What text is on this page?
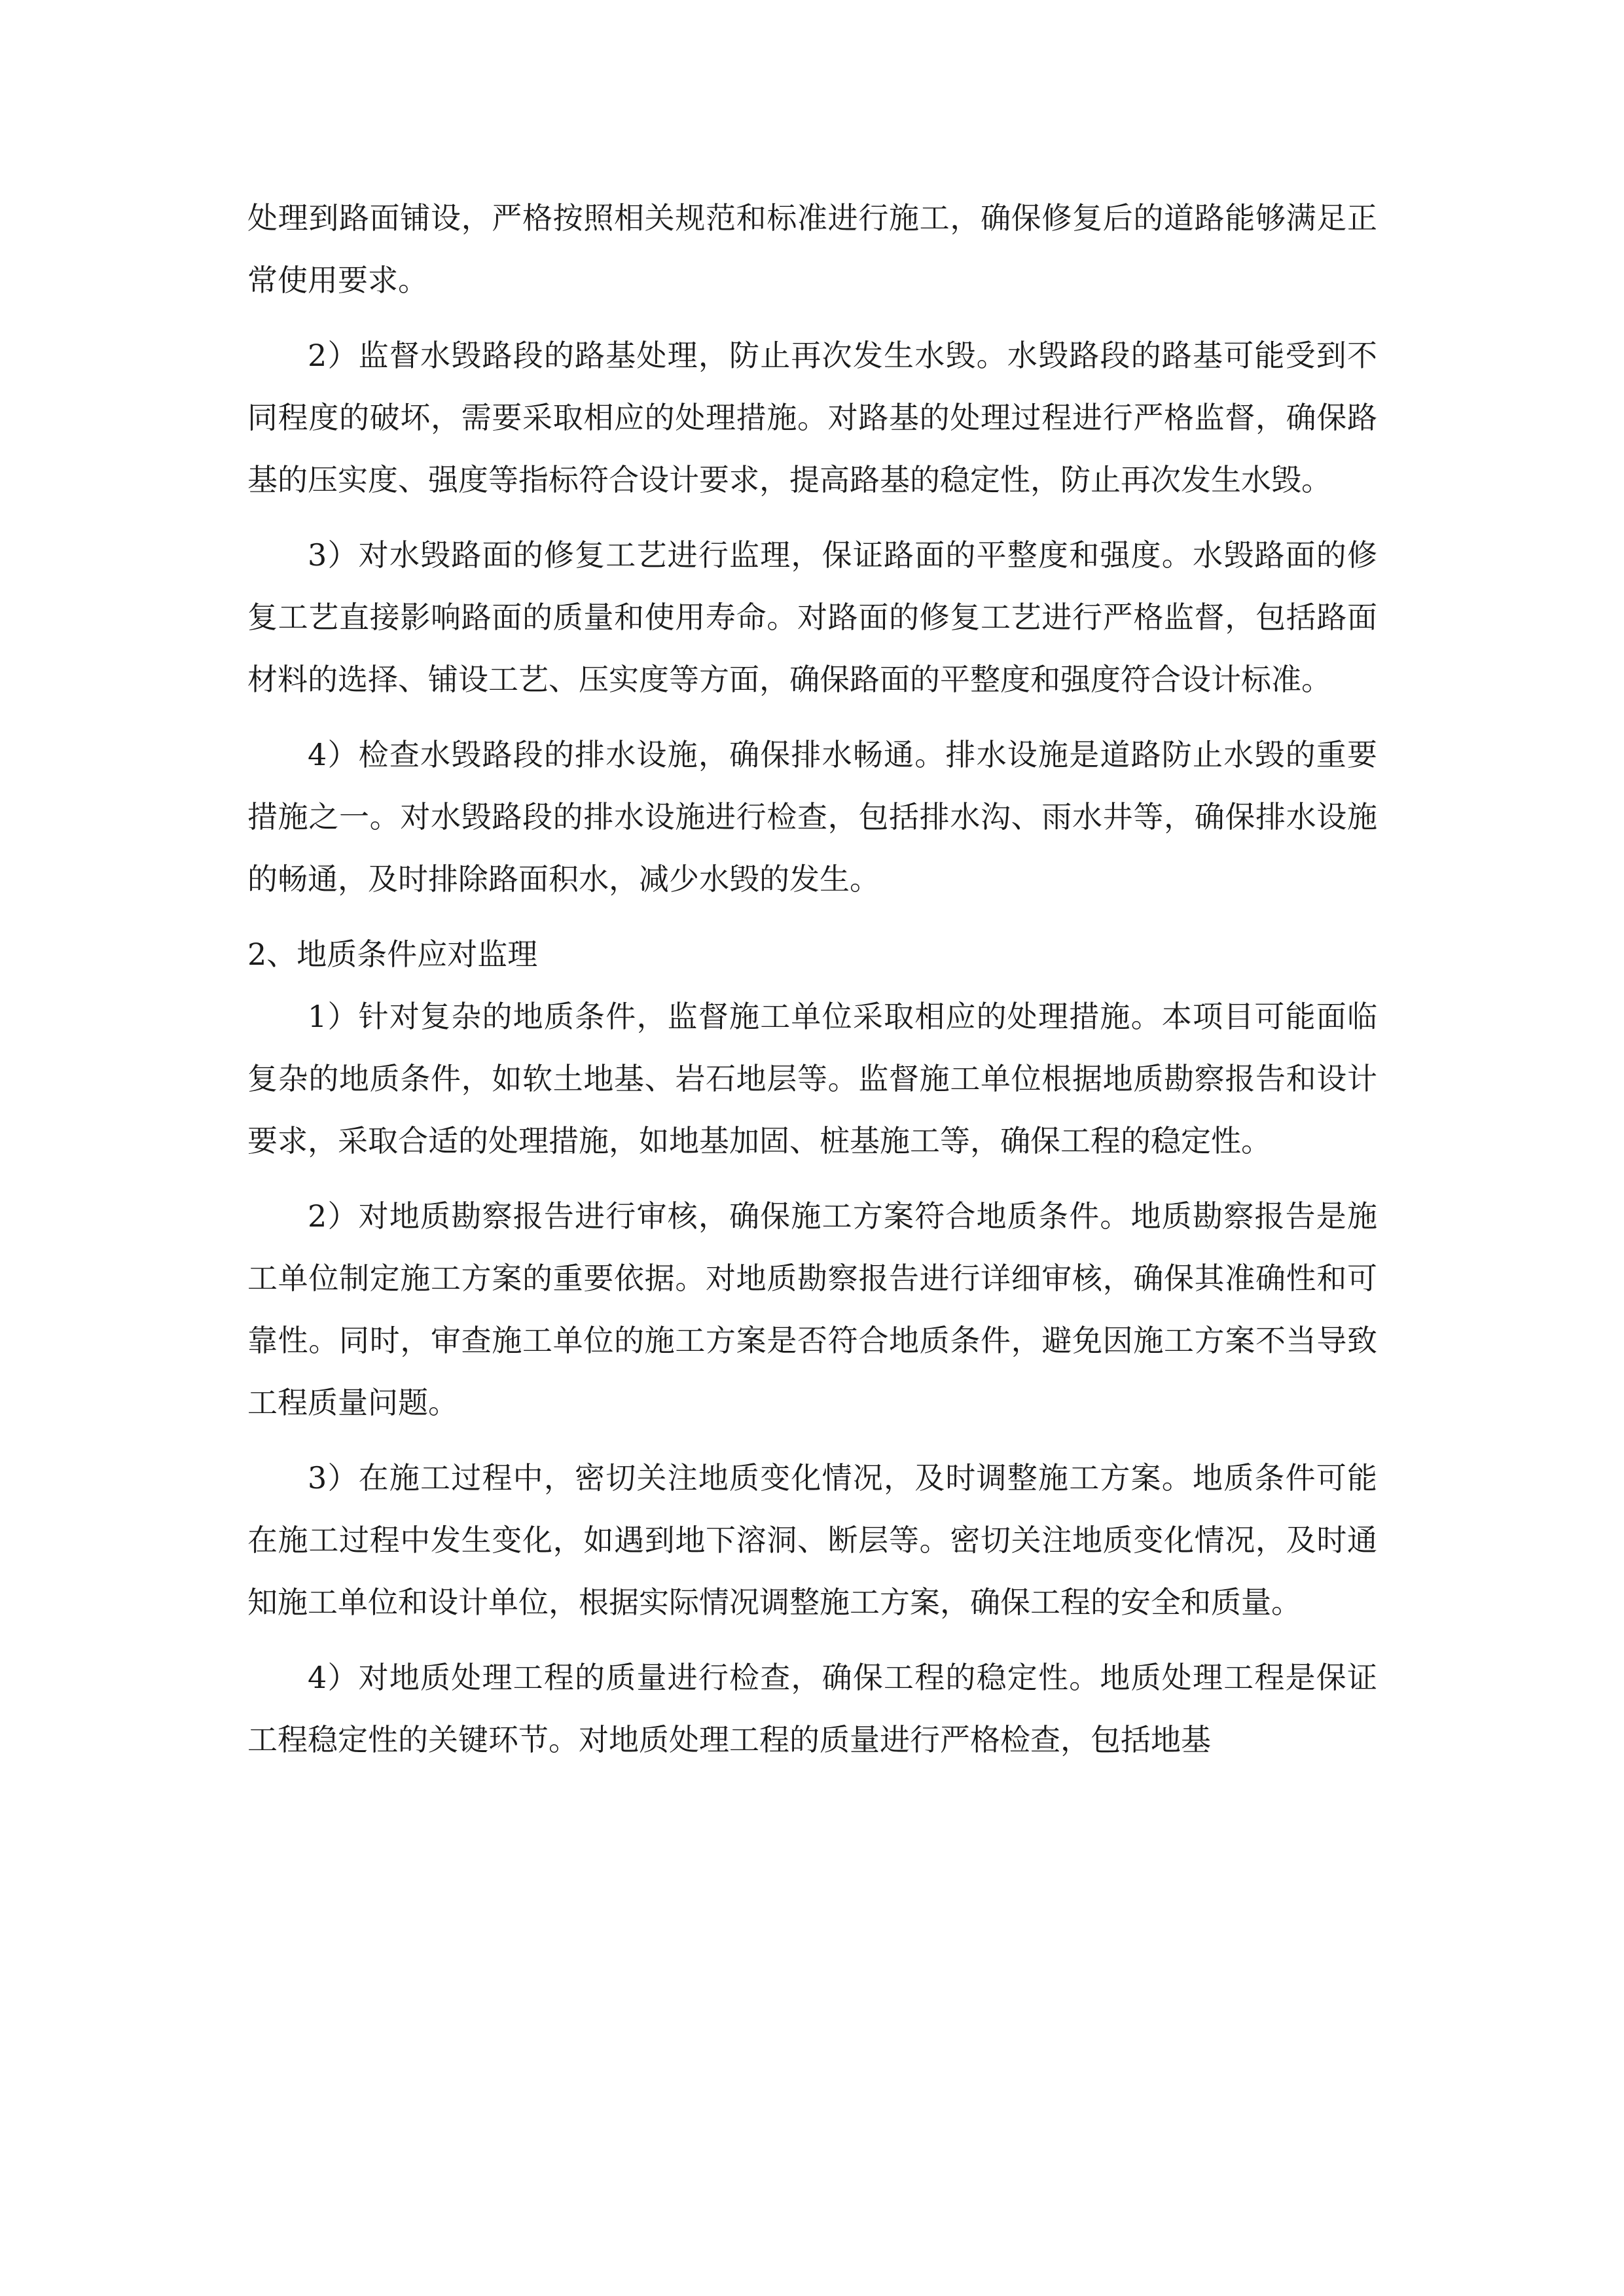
处理到路面铺设，严格按照相关规范和标准进行施工，确保修复后的道路能够满足正常使用要求。

2）监督水毁路段的路基处理，防止再次发生水毁。水毁路段的路基可能受到不同程度的破坏，需要采取相应的处理措施。对路基的处理过程进行严格监督，确保路基的压实度、强度等指标符合设计要求，提高路基的稳定性，防止再次发生水毁。

3）对水毁路面的修复工艺进行监理，保证路面的平整度和强度。水毁路面的修复工艺直接影响路面的质量和使用寿命。对路面的修复工艺进行严格监督，包括路面材料的选择、铺设工艺、压实度等方面，确保路面的平整度和强度符合设计标准。

4）检查水毁路段的排水设施，确保排水畅通。排水设施是道路防止水毁的重要措施之一。对水毁路段的排水设施进行检查，包括排水沟、雨水井等，确保排水设施的畅通，及时排除路面积水，减少水毁的发生。

2、地质条件应对监理

1）针对复杂的地质条件，监督施工单位采取相应的处理措施。本项目可能面临复杂的地质条件，如软土地基、岩石地层等。监督施工单位根据地质勘察报告和设计要求，采取合适的处理措施，如地基加固、桩基施工等，确保工程的稳定性。

2）对地质勘察报告进行审核，确保施工方案符合地质条件。地质勘察报告是施工单位制定施工方案的重要依据。对地质勘察报告进行详细审核，确保其准确性和可靠性。同时，审查施工单位的施工方案是否符合地质条件，避免因施工方案不当导致工程质量问题。

3）在施工过程中，密切关注地质变化情况，及时调整施工方案。地质条件可能在施工过程中发生变化，如遇到地下溶洞、断层等。密切关注地质变化情况，及时通知施工单位和设计单位，根据实际情况调整施工方案，确保工程的安全和质量。

4）对地质处理工程的质量进行检查，确保工程的稳定性。地质处理工程是保证工程稳定性的关键环节。对地质处理工程的质量进行严格检查，包括地基
